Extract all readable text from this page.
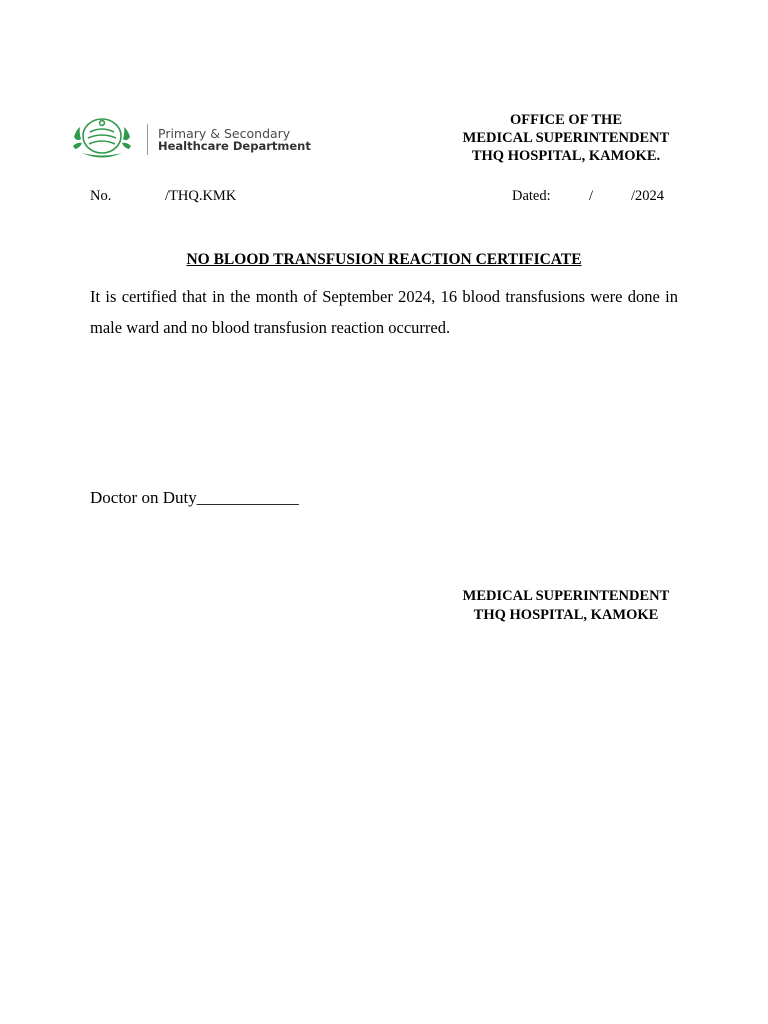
Primary & Secondary
Healthcare Department
OFFICE OF THE
MEDICAL SUPERINTENDENT
THQ HOSPITAL, KAMOKE.
No.	/THQ.KMK	Dated:	/	/2024
NO BLOOD TRANSFUSION REACTION CERTIFICATE
It is certified that in the month of September 2024, 16 blood transfusions were done in male ward and no blood transfusion reaction occurred.
Doctor on Duty____________
MEDICAL SUPERINTENDENT
THQ HOSPITAL, KAMOKE
